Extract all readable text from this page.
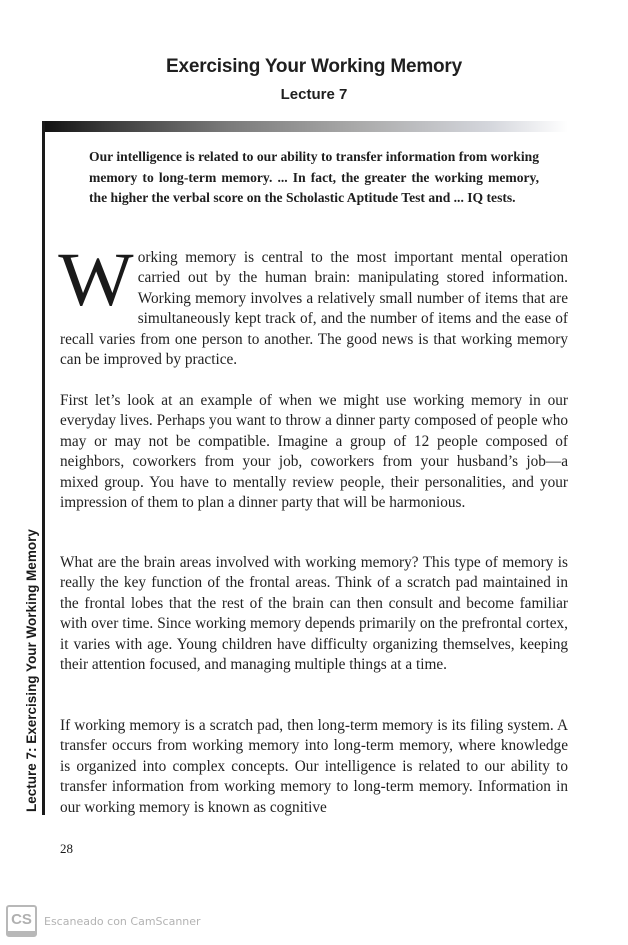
Exercising Your Working Memory
Lecture 7
Lecture 7: Exercising Your Working Memory
Our intelligence is related to our ability to transfer information from working memory to long-term memory. ... In fact, the greater the working memory, the higher the verbal score on the Scholastic Aptitude Test and ... IQ tests.

Working memory is central to the most important mental operation carried out by the human brain: manipulating stored information. Working memory involves a relatively small number of items that are simultaneously kept track of, and the number of items and the ease of recall varies from one person to another. The good news is that working memory can be improved by practice.

First let’s look at an example of when we might use working memory in our everyday lives. Perhaps you want to throw a dinner party composed of people who may or may not be compatible. Imagine a group of 12 people composed of neighbors, coworkers from your job, coworkers from your husband’s job—a mixed group. You have to mentally review people, their personalities, and your impression of them to plan a dinner party that will be harmonious.

What are the brain areas involved with working memory? This type of memory is really the key function of the frontal areas. Think of a scratch pad maintained in the frontal lobes that the rest of the brain can then consult and become familiar with over time. Since working memory depends primarily on the prefrontal cortex, it varies with age. Young children have difficulty organizing themselves, keeping their attention focused, and managing multiple things at a time.

If working memory is a scratch pad, then long-term memory is its filing system. A transfer occurs from working memory into long-term memory, where knowledge is organized into complex concepts. Our intelligence is related to our ability to transfer information from working memory to long-term memory. Information in our working memory is known as cognitive

28
CS	Escaneado con CamScanner
